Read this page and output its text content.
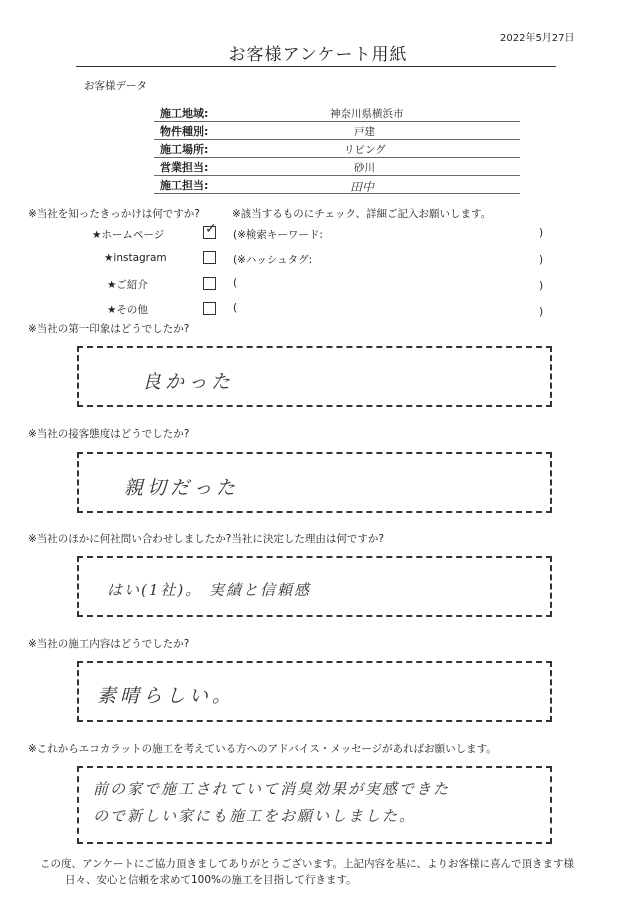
2022年5月27日
お客様アンケート用紙
お客様データ
施工地域:	神奈川県横浜市
物件種別:	戸建
施工場所:	リビング
営業担当:	砂川
施工担当:	田中
※当社を知ったきっかけは何ですか?	※該当するものにチェック、詳細ご記入お願いします。
★ホームページ	✓ (※検索キーワード:	)
★instagram	(※ハッシュタグ:	)
★ご紹介	(	)
★その他	(	)
※当社の第一印象はどうでしたか?
良かった
※当社の接客態度はどうでしたか?
親切だった
※当社のほかに何社問い合わせしましたか?当社に決定した理由は何ですか?
はい(1社)。 実績と信頼感
※当社の施工内容はどうでしたか?
素晴らしい。
※これからエコカラットの施工を考えている方へのアドバイス・メッセージがあればお願いします。
前の家で施工されていて消臭効果が実感できた
ので新しい家にも施工をお願いしました。
この度、アンケートにご協力頂きましてありがとうございます。上記内容を基に、よりお客様に喜んで頂きます様
日々、安心と信頼を求めて100%の施工を目指して行きます。
